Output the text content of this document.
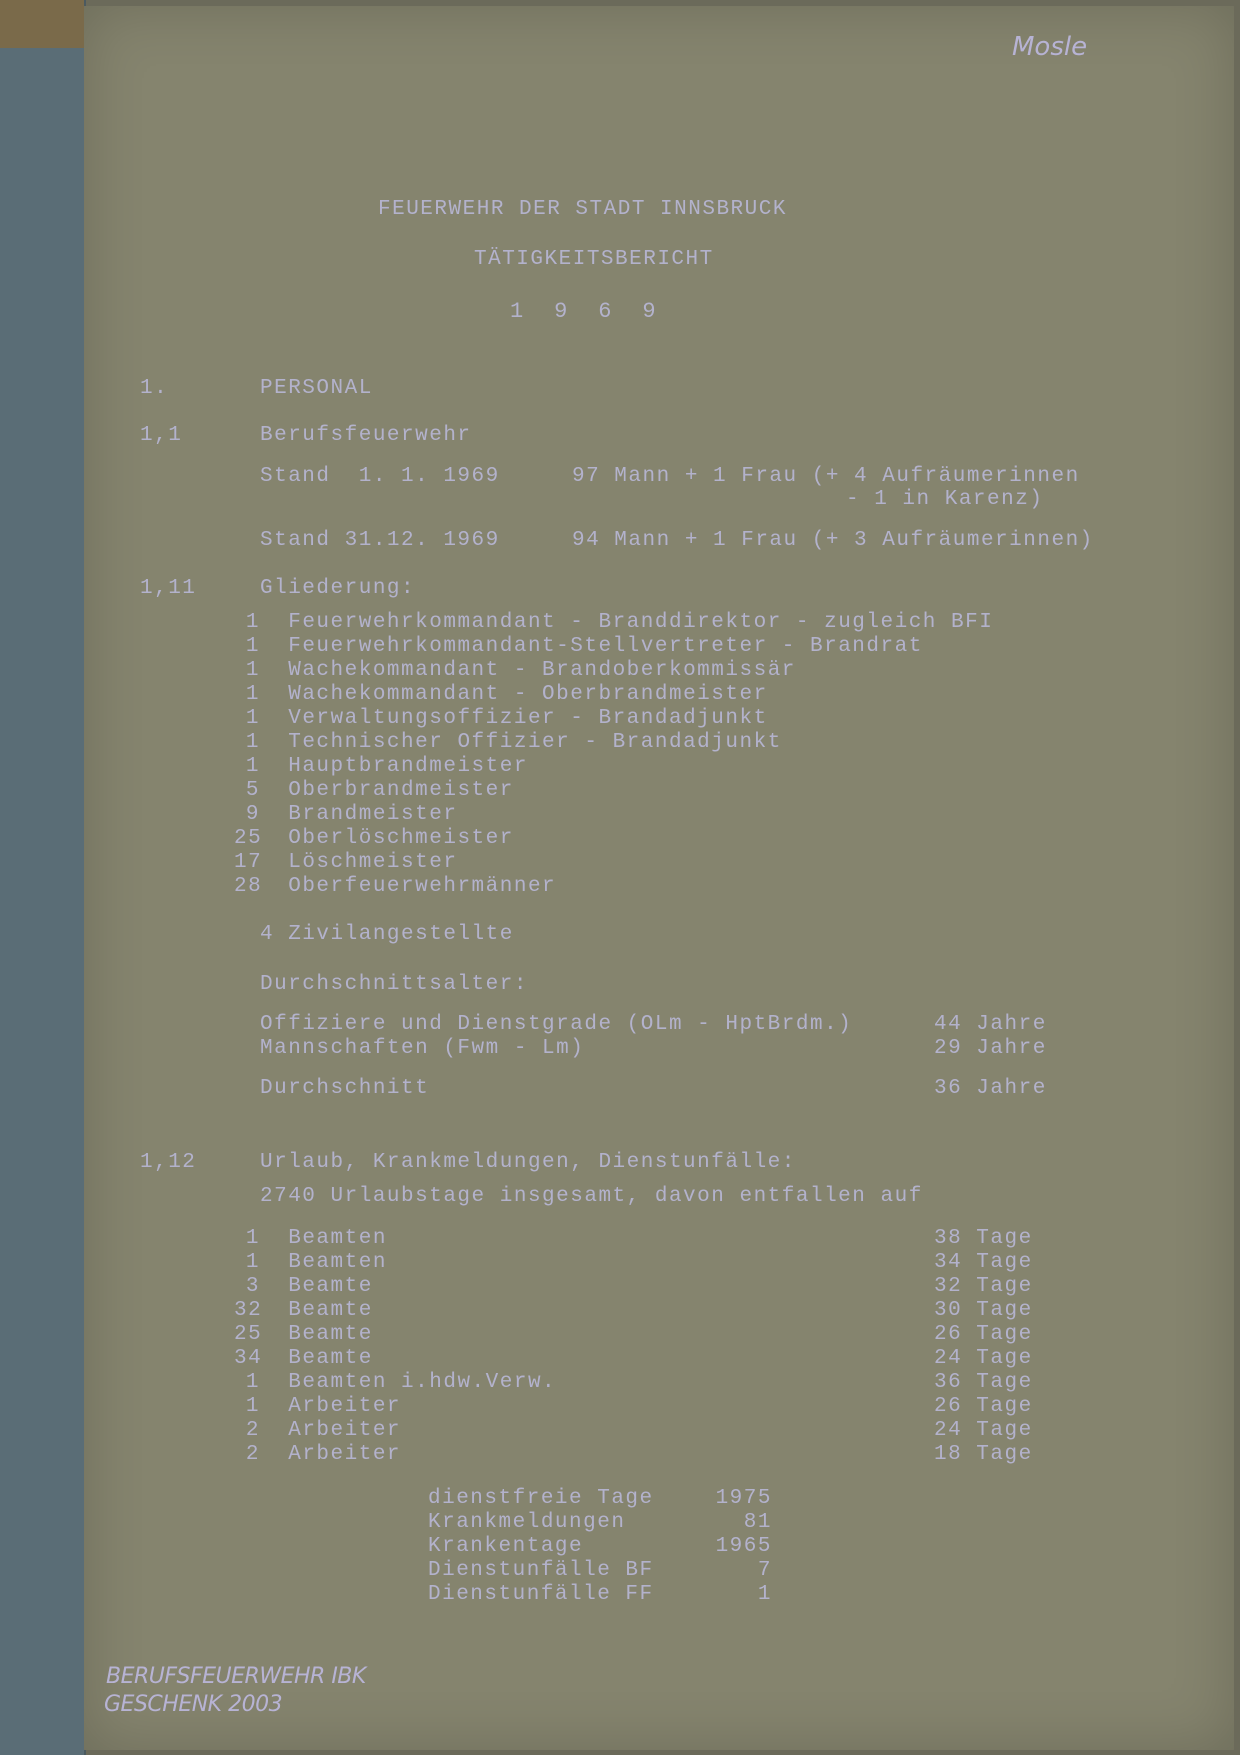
Mosle
FEUERWEHR DER STADT INNSBRUCK
TÄTIGKEITSBERICHT
1  9  6  9
1.	PERSONAL
1,1	Berufsfeuerwehr
Stand  1. 1. 1969	97 Mann + 1 Frau (+ 4 Aufräumerinnen
- 1 in Karenz)
Stand 31.12. 1969	94 Mann + 1 Frau (+ 3 Aufräumerinnen)
1,11	Gliederung:
1 Feuerwehrkommandant - Branddirektor - zugleich BFI
1 Feuerwehrkommandant-Stellvertreter - Brandrat
1 Wachekommandant - Brandoberkommissär
1 Wachekommandant - Oberbrandmeister
1 Verwaltungsoffizier - Brandadjunkt
1 Technischer Offizier - Brandadjunkt
1 Hauptbrandmeister
5 Oberbrandmeister
9 Brandmeister
25 Oberlöschmeister
17 Löschmeister
28 Oberfeuerwehrmänner
4 Zivilangestellte
Durchschnittsalter:
Offiziere und Dienstgrade (OLm - HptBrdm.)	44 Jahre
Mannschaften (Fwm - Lm)	29 Jahre
Durchschnitt	36 Jahre
1,12	Urlaub, Krankmeldungen, Dienstunfälle:
2740 Urlaubstage insgesamt, davon entfallen auf
1 Beamten	38 Tage
1 Beamten	34 Tage
3 Beamte	32 Tage
32 Beamte	30 Tage
25 Beamte	26 Tage
34 Beamte	24 Tage
1 Beamten i.hdw.Verw.	36 Tage
1 Arbeiter	26 Tage
2 Arbeiter	24 Tage
2 Arbeiter	18 Tage
dienstfreie Tage	1975
Krankmeldungen	81
Krankentage	1965
Dienstunfälle BF	7
Dienstunfälle FF	1
BERUFSFEUERWEHR IBK
GESCHENK 2003
